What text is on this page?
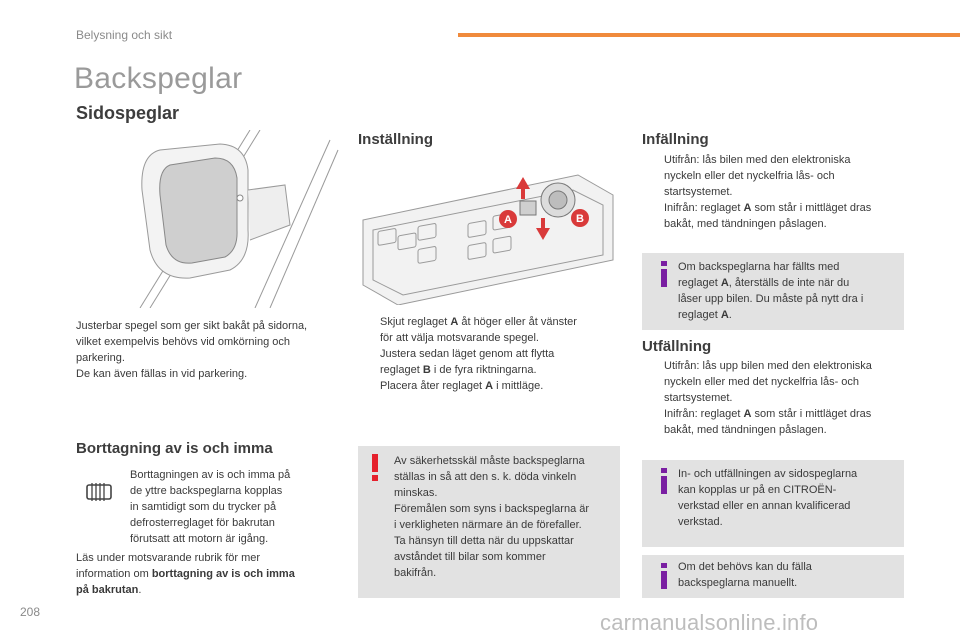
Belysning och sikt
Backspeglar
Sidospeglar
Justerbar spegel som ger sikt bakåt på sidorna,
vilket exempelvis behövs vid omkörning och
parkering.
De kan även fällas in vid parkering.
Borttagning av is och imma
Borttagningen av is och imma på
de yttre backspeglarna kopplas
in samtidigt som du trycker på
defrosterreglaget för bakrutan
förutsatt att motorn är igång.
Läs under motsvarande rubrik för mer
information om borttagning av is och imma
på bakrutan.
Inställning
A	B
Skjut reglaget A åt höger eller åt vänster
för att välja motsvarande spegel.
Justera sedan läget genom att flytta
reglaget B i de fyra riktningarna.
Placera åter reglaget A i mittläge.
Av säkerhetsskäl måste backspeglarna
ställas in så att den s. k. döda vinkeln
minskas.
Föremålen som syns i backspeglarna är
i verkligheten närmare än de förefaller.
Ta hänsyn till detta när du uppskattar
avståndet till bilar som kommer
bakifrån.
Infällning
Utifrån: lås bilen med den elektroniska
nyckeln eller det nyckelfria lås- och
startsystemet.
Inifrån: reglaget A som står i mittläget dras
bakåt, med tändningen påslagen.
Om backspeglarna har fällts med
reglaget A, återställs de inte när du
låser upp bilen. Du måste på nytt dra i
reglaget A.
Utfällning
Utifrån: lås upp bilen med den elektroniska
nyckeln eller med det nyckelfria lås- och
startsystemet.
Inifrån: reglaget A som står i mittläget dras
bakåt, med tändningen påslagen.
In- och utfällningen av sidospeglarna
kan kopplas ur på en CITROËN-
verkstad eller en annan kvalificerad
verkstad.
Om det behövs kan du fälla
backspeglarna manuellt.
208	carmanualsonline.info
